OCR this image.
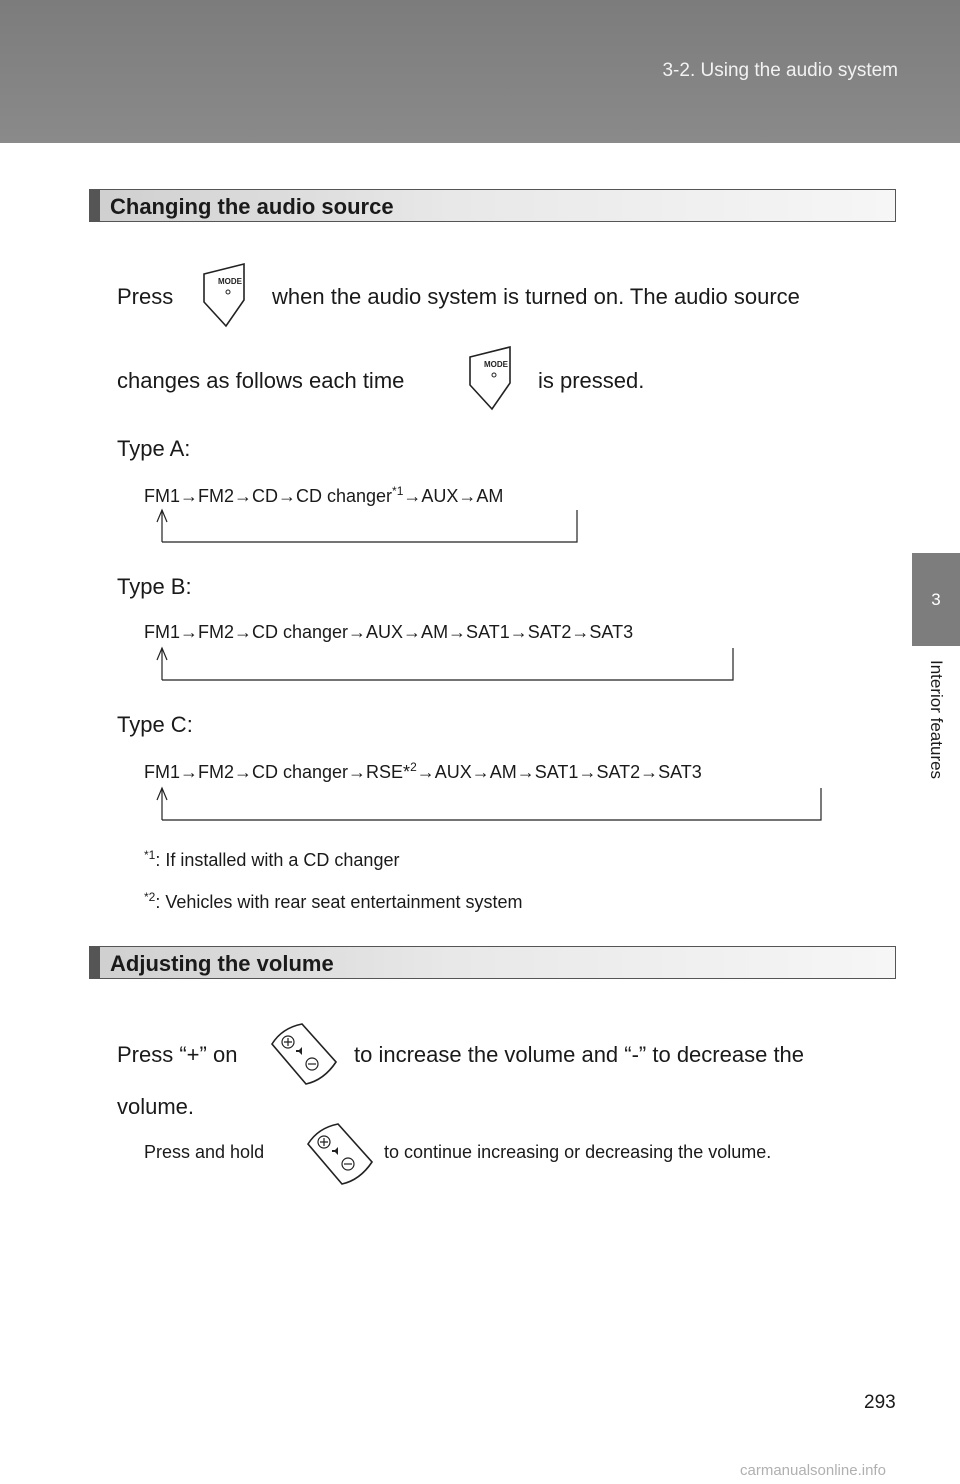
3-2. Using the audio system
3
Interior features
Changing the audio source
Press
MODE
when the audio system is turned on. The audio source
changes as follows each time
MODE
is pressed.
Type A:
FM1→FM2→CD→CD changer$^{*1}$→AUX→AM
Type B:
FM1→FM2→CD changer→AUX→AM→SAT1→SAT2→SAT3
Type C:
FM1→FM2→CD changer→RSE*$^2$→AUX→AM→SAT1→SAT2→SAT3
$^{*1}$: If installed with a CD changer
$^{*2}$: Vehicles with rear seat entertainment system
Adjusting the volume
Press “+” on	to increase the volume and “-” to decrease the
volume.
Press and hold	to continue increasing or decreasing the volume.
293
carmanualsonline.info
